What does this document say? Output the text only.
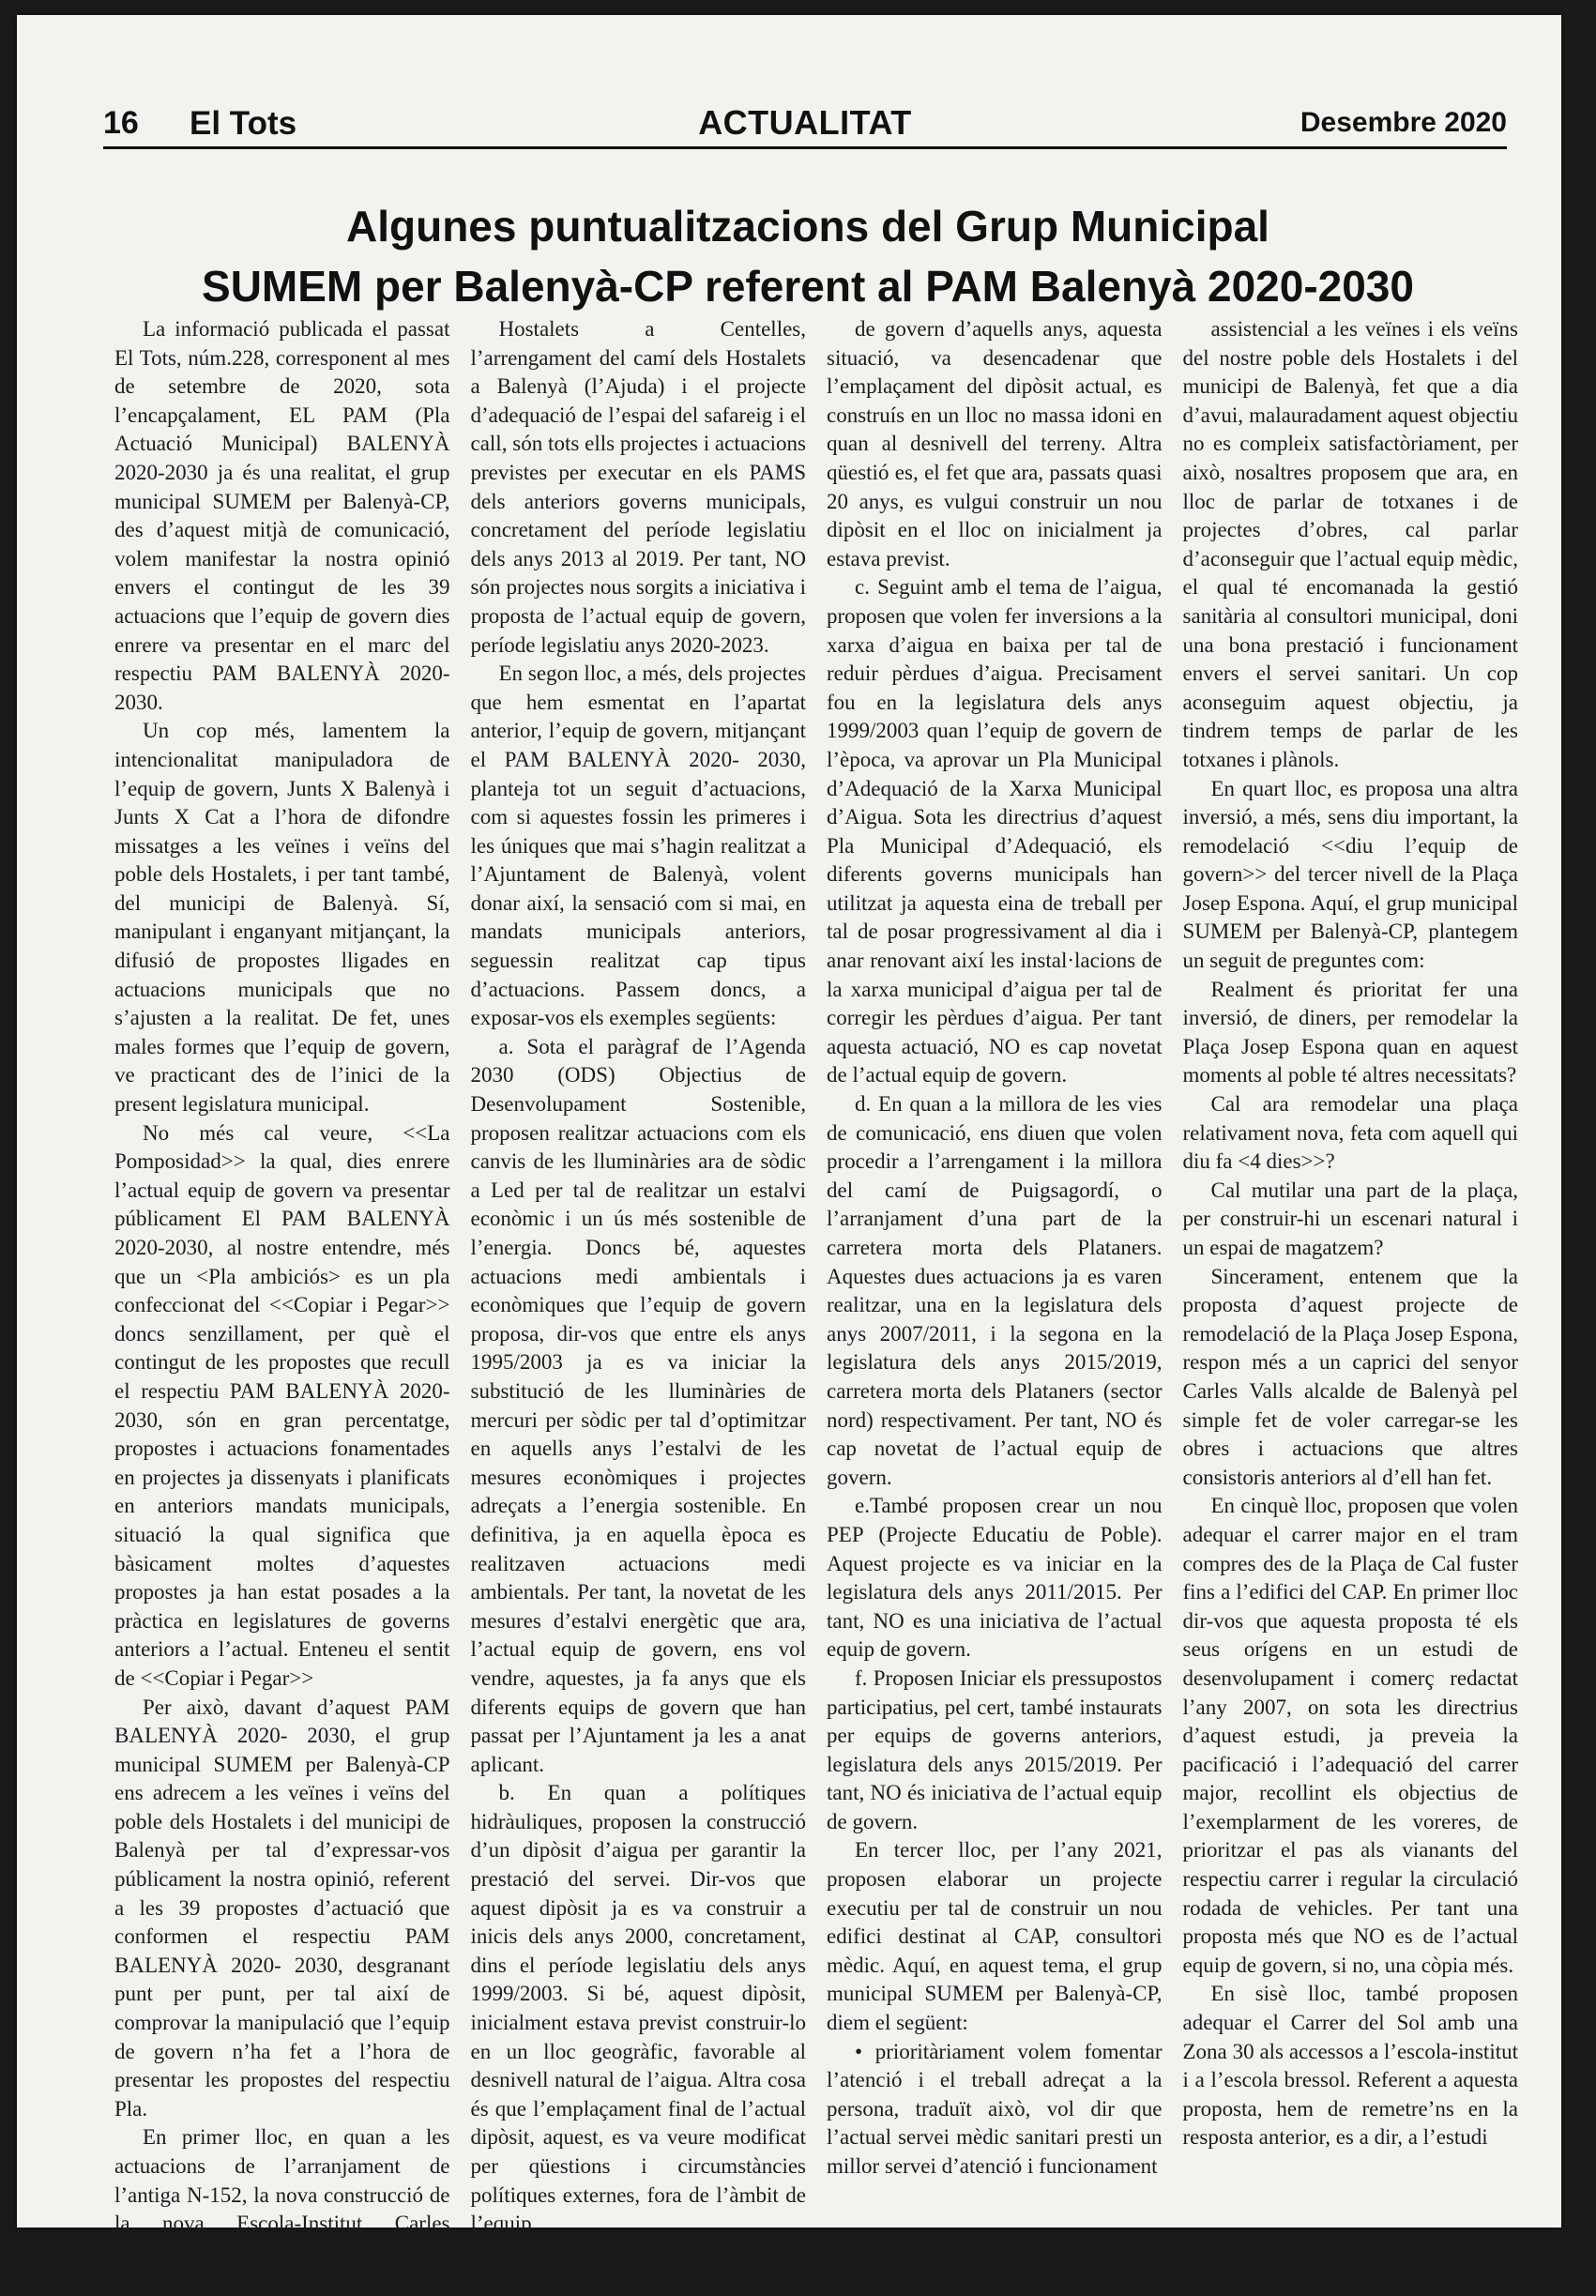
16 El Tots	ACTUALITAT	Desembre 2020
Algunes puntualitzacions del Grup Municipal
SUMEM per Balenyà-CP referent al PAM Balenyà 2020-2030

La informació publicada el passat El Tots, núm.228, corresponent al mes de setembre de 2020, sota l’encapçalament, EL PAM (Pla Actuació Municipal) BALENYÀ 2020-2030 ja és una realitat, el grup municipal SUMEM per Balenyà-CP, des d’aquest mitjà de comunicació, volem manifestar la nostra opinió envers el contingut de les 39 actuacions que l’equip de govern dies enrere va presentar en el marc del respectiu PAM BALENYÀ 2020-2030.

Un cop més, lamentem la intencionalitat manipuladora de l’equip de govern, Junts X Balenyà i Junts X Cat a l’hora de difondre missatges a les veïnes i veïns del poble dels Hostalets, i per tant també, del municipi de Balenyà. Sí, manipulant i enganyant mitjançant, la difusió de propostes lligades en actuacions municipals que no s’ajusten a la realitat. De fet, unes males formes que l’equip de govern, ve practicant des de l’inici de la present legislatura municipal.

No més cal veure, <<La Pomposidad>> la qual, dies enrere l’actual equip de govern va presentar públicament El PAM BALENYÀ 2020-2030, al nostre entendre, més que un <Pla ambiciós> es un pla confeccionat del <<Copiar i Pegar>> doncs senzillament, per què el contingut de les propostes que recull el respectiu PAM BALENYÀ 2020-2030, són en gran percentatge, propostes i actuacions fonamentades en projectes ja dissenyats i planificats en anteriors mandats municipals, situació la qual significa que bàsicament moltes d’aquestes propostes ja han estat posades a la pràctica en legislatures de governs anteriors a l’actual. Enteneu el sentit de <<Copiar i Pegar>>

Per això, davant d’aquest PAM BALENYÀ 2020- 2030, el grup municipal SUMEM per Balenyà-CP ens adrecem a les veïnes i veïns del poble dels Hostalets i del municipi de Balenyà per tal d’expressar-vos públicament la nostra opinió, referent a les 39 propostes d’actuació que conformen el respectiu PAM BALENYÀ 2020- 2030, desgranant punt per punt, per tal així de comprovar la manipulació que l’equip de govern n’ha fet a l’hora de presentar les propostes del respectiu Pla.

En primer lloc, en quan a les actuacions de l’arranjament de l’antiga N-152, la nova construcció de la nova Escola-Institut Carles Capdevila, l’adequació del camí lateral dels

Hostalets a Centelles, l’arrengament del camí dels Hostalets a Balenyà (l’Ajuda) i el projecte d’adequació de l’espai del safareig i el call, són tots ells projectes i actuacions previstes per executar en els PAMS dels anteriors governs municipals, concretament del període legislatiu dels anys 2013 al 2019. Per tant, NO són projectes nous sorgits a iniciativa i proposta de l’actual equip de govern, període legislatiu anys 2020-2023.

En segon lloc, a més, dels projectes que hem esmentat en l’apartat anterior, l’equip de govern, mitjançant el PAM BALENYÀ 2020- 2030, planteja tot un seguit d’actuacions, com si aquestes fossin les primeres i les úniques que mai s’hagin realitzat a l’Ajuntament de Balenyà, volent donar així, la sensació com si mai, en mandats municipals anteriors, seguessin realitzat cap tipus d’actuacions. Passem doncs, a exposar-vos els exemples següents:

a. Sota el paràgraf de l’Agenda 2030 (ODS) Objectius de Desenvolupament Sostenible, proposen realitzar actuacions com els canvis de les lluminàries ara de sòdic a Led per tal de realitzar un estalvi econòmic i un ús més sostenible de l’energia. Doncs bé, aquestes actuacions medi ambientals i econòmiques que l’equip de govern proposa, dir-vos que entre els anys 1995/2003 ja es va iniciar la substitució de les lluminàries de mercuri per sòdic per tal d’optimitzar en aquells anys l’estalvi de les mesures econòmiques i projectes adreçats a l’energia sostenible. En definitiva, ja en aquella època es realitzaven actuacions medi ambientals. Per tant, la novetat de les mesures d’estalvi energètic que ara, l’actual equip de govern, ens vol vendre, aquestes, ja fa anys que els diferents equips de govern que han passat per l’Ajuntament ja les a anat aplicant.

b. En quan a polítiques hidràuliques, proposen la construcció d’un dipòsit d’aigua per garantir la prestació del servei. Dir-vos que aquest dipòsit ja es va construir a inicis dels anys 2000, concretament, dins el període legislatiu dels anys 1999/2003. Si bé, aquest dipòsit, inicialment estava previst construir-lo en un lloc geogràfic, favorable al desnivell natural de l’aigua. Altra cosa és que l’emplaçament final de l’actual dipòsit, aquest, es va veure modificat per qüestions i circumstàncies polítiques externes, fora de l’àmbit de l’equip

de govern d’aquells anys, aquesta situació, va desencadenar que l’emplaçament del dipòsit actual, es construís en un lloc no massa idoni en quan al desnivell del terreny. Altra qüestió es, el fet que ara, passats quasi 20 anys, es vulgui construir un nou dipòsit en el lloc on inicialment ja estava previst.

c. Seguint amb el tema de l’aigua, proposen que volen fer inversions a la xarxa d’aigua en baixa per tal de reduir pèrdues d’aigua. Precisament fou en la legislatura dels anys 1999/2003 quan l’equip de govern de l’època, va aprovar un Pla Municipal d’Adequació de la Xarxa Municipal d’Aigua. Sota les directrius d’aquest Pla Municipal d’Adequació, els diferents governs municipals han utilitzat ja aquesta eina de treball per tal de posar progressivament al dia i anar renovant així les instal·lacions de la xarxa municipal d’aigua per tal de corregir les pèrdues d’aigua. Per tant aquesta actuació, NO es cap novetat de l’actual equip de govern.

d. En quan a la millora de les vies de comunicació, ens diuen que volen procedir a l’arrengament i la millora del camí de Puigsagordí, o l’arranjament d’una part de la carretera morta dels Plataners. Aquestes dues actuacions ja es varen realitzar, una en la legislatura dels anys 2007/2011, i la segona en la legislatura dels anys 2015/2019, carretera morta dels Plataners (sector nord) respectivament. Per tant, NO és cap novetat de l’actual equip de govern.

e.També proposen crear un nou PEP (Projecte Educatiu de Poble). Aquest projecte es va iniciar en la legislatura dels anys 2011/2015. Per tant, NO es una iniciativa de l’actual equip de govern.

f. Proposen Iniciar els pressupostos participatius, pel cert, també instaurats per equips de governs anteriors, legislatura dels anys 2015/2019. Per tant, NO és iniciativa de l’actual equip de govern.

En tercer lloc, per l’any 2021, proposen elaborar un projecte executiu per tal de construir un nou edifici destinat al CAP, consultori mèdic. Aquí, en aquest tema, el grup municipal SUMEM per Balenyà-CP, diem el següent:

• prioritàriament volem fomentar l’atenció i el treball adreçat a la persona, traduït això, vol dir que l’actual servei mèdic sanitari presti un millor servei d’atenció i funcionament

assistencial a les veïnes i els veïns del nostre poble dels Hostalets i del municipi de Balenyà, fet que a dia d’avui, malauradament aquest objectiu no es compleix satisfactòriament, per això, nosaltres proposem que ara, en lloc de parlar de totxanes i de projectes d’obres, cal parlar d’aconseguir que l’actual equip mèdic, el qual té encomanada la gestió sanitària al consultori municipal, doni una bona prestació i funcionament envers el servei sanitari. Un cop aconseguim aquest objectiu, ja tindrem temps de parlar de les totxanes i plànols.

En quart lloc, es proposa una altra inversió, a més, sens diu important, la remodelació <<diu l’equip de govern>> del tercer nivell de la Plaça Josep Espona. Aquí, el grup municipal SUMEM per Balenyà-CP, plantegem un seguit de preguntes com:

Realment és prioritat fer una inversió, de diners, per remodelar la Plaça Josep Espona quan en aquest moments al poble té altres necessitats?

Cal ara remodelar una plaça relativament nova, feta com aquell qui diu fa <4 dies>>?

Cal mutilar una part de la plaça, per construir-hi un escenari natural i un espai de magatzem?

Sincerament, entenem que la proposta d’aquest projecte de remodelació de la Plaça Josep Espona, respon més a un caprici del senyor Carles Valls alcalde de Balenyà pel simple fet de voler carregar-se les obres i actuacions que altres consistoris anteriors al d’ell han fet.

En cinquè lloc, proposen que volen adequar el carrer major en el tram compres des de la Plaça de Cal fuster fins a l’edifici del CAP. En primer lloc dir-vos que aquesta proposta té els seus orígens en un estudi de desenvolupament i comerç redactat l’any 2007, on sota les directrius d’aquest estudi, ja preveia la pacificació i l’adequació del carrer major, recollint els objectius de l’exemplarment de les voreres, de prioritzar el pas als vianants del respectiu carrer i regular la circulació rodada de vehicles. Per tant una proposta més que NO es de l’actual equip de govern, si no, una còpia més.

En sisè lloc, també proposen adequar el Carrer del Sol amb una Zona 30 als accessos a l’escola-institut i a l’escola bressol. Referent a aquesta proposta, hem de remetre’ns en la resposta anterior, es a dir, a l’estudi
